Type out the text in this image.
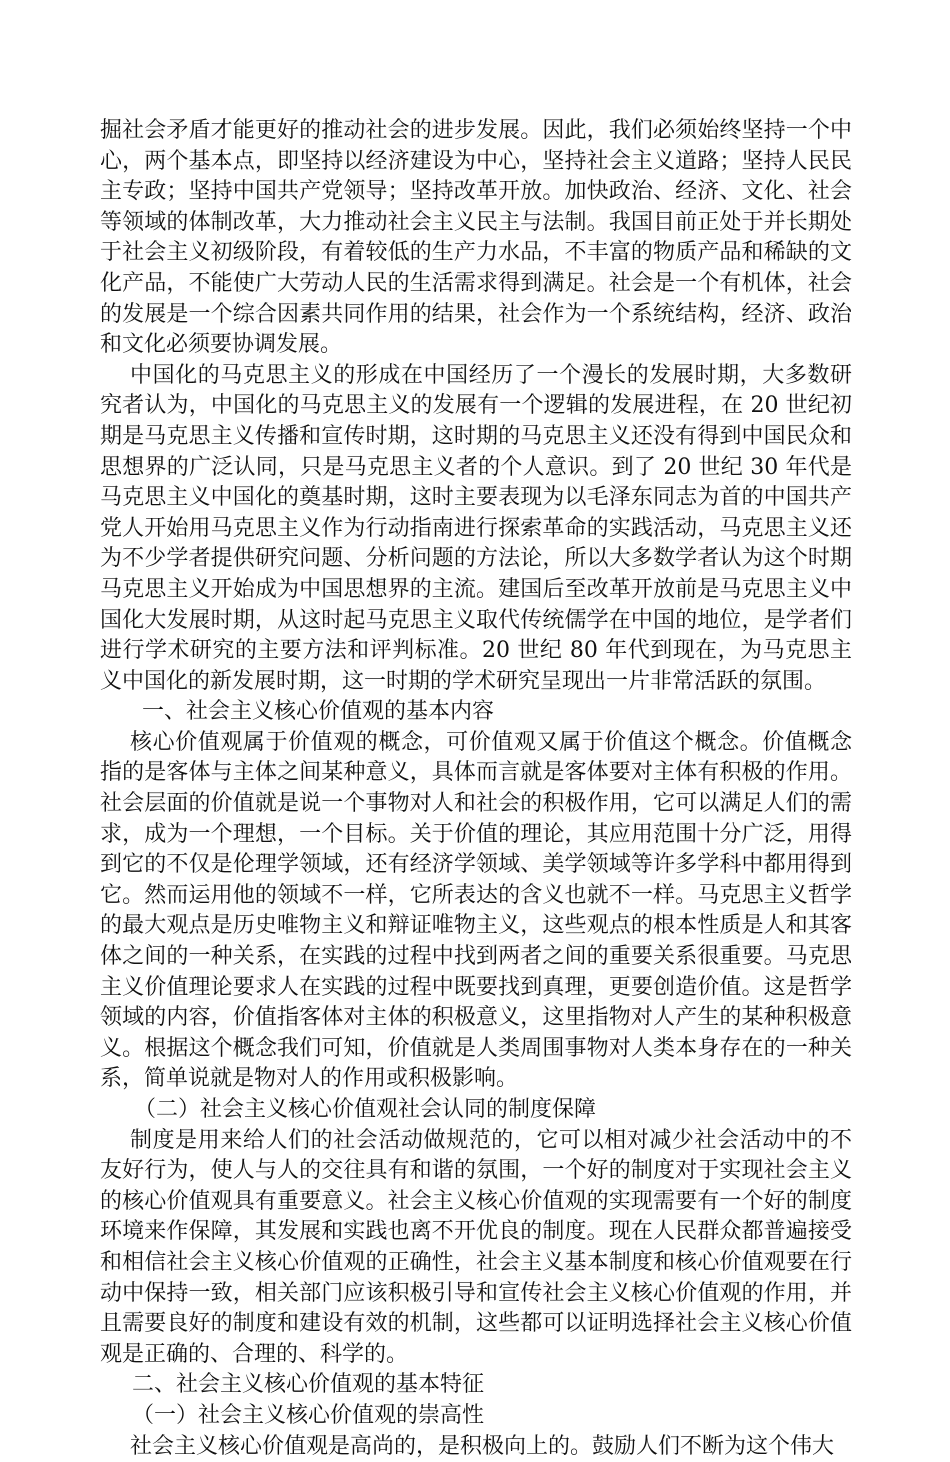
掘社会矛盾才能更好的推动社会的进步发展。因此，我们必须始终坚持一个中心，两个基本点，即坚持以经济建设为中心，坚持社会主义道路；坚持人民民主专政；坚持中国共产党领导；坚持改革开放。加快政治、经济、文化、社会等领域的体制改革，大力推动社会主义民主与法制。我国目前正处于并长期处于社会主义初级阶段，有着较低的生产力水品，不丰富的物质产品和稀缺的文化产品，不能使广大劳动人民的生活需求得到满足。社会是一个有机体，社会的发展是一个综合因素共同作用的结果，社会作为一个系统结构，经济、政治和文化必须要协调发展。

中国化的马克思主义的形成在中国经历了一个漫长的发展时期，大多数研究者认为，中国化的马克思主义的发展有一个逻辑的发展进程，在 20 世纪初期是马克思主义传播和宣传时期，这时期的马克思主义还没有得到中国民众和思想界的广泛认同，只是马克思主义者的个人意识。到了 20 世纪 30 年代是马克思主义中国化的奠基时期，这时主要表现为以毛泽东同志为首的中国共产党人开始用马克思主义作为行动指南进行探索革命的实践活动，马克思主义还为不少学者提供研究问题、分析问题的方法论，所以大多数学者认为这个时期马克思主义开始成为中国思想界的主流。建国后至改革开放前是马克思主义中国化大发展时期，从这时起马克思主义取代传统儒学在中国的地位，是学者们进行学术研究的主要方法和评判标准。20 世纪 80 年代到现在，为马克思主义中国化的新发展时期，这一时期的学术研究呈现出一片非常活跃的氛围。

一、社会主义核心价值观的基本内容

核心价值观属于价值观的概念，可价值观又属于价值这个概念。价值概念指的是客体与主体之间某种意义，具体而言就是客体要对主体有积极的作用。社会层面的价值就是说一个事物对人和社会的积极作用，它可以满足人们的需求，成为一个理想，一个目标。关于价值的理论，其应用范围十分广泛，用得到它的不仅是伦理学领域，还有经济学领域、美学领域等许多学科中都用得到它。然而运用他的领域不一样，它所表达的含义也就不一样。马克思主义哲学的最大观点是历史唯物主义和辩证唯物主义，这些观点的根本性质是人和其客体之间的一种关系，在实践的过程中找到两者之间的重要关系很重要。马克思主义价值理论要求人在实践的过程中既要找到真理，更要创造价值。这是哲学领域的内容，价值指客体对主体的积极意义，这里指物对人产生的某种积极意义。根据这个概念我们可知，价值就是人类周围事物对人类本身存在的一种关系，简单说就是物对人的作用或积极影响。

（二）社会主义核心价值观社会认同的制度保障

制度是用来给人们的社会活动做规范的，它可以相对减少社会活动中的不友好行为，使人与人的交往具有和谐的氛围，一个好的制度对于实现社会主义的核心价值观具有重要意义。社会主义核心价值观的实现需要有一个好的制度环境来作保障，其发展和实践也离不开优良的制度。现在人民群众都普遍接受和相信社会主义核心价值观的正确性，社会主义基本制度和核心价值观要在行动中保持一致，相关部门应该积极引导和宣传社会主义核心价值观的作用，并且需要良好的制度和建设有效的机制，这些都可以证明选择社会主义核心价值观是正确的、合理的、科学的。

二、社会主义核心价值观的基本特征
（一）社会主义核心价值观的崇高性

社会主义核心价值观是高尚的，是积极向上的。鼓励人们不断为这个伟大
